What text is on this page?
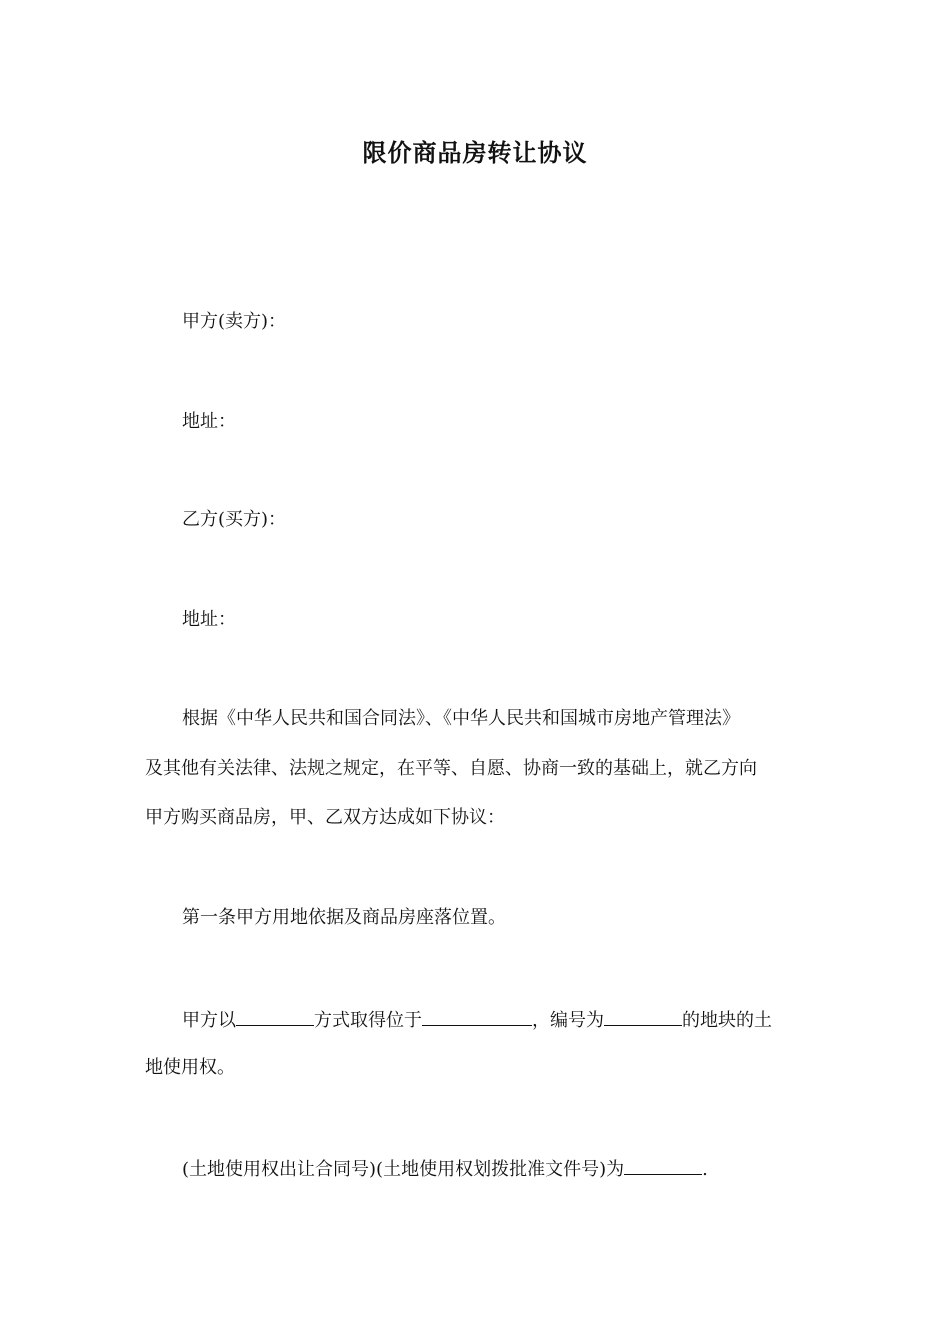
限价商品房转让协议
甲方(卖方)：
地址：
乙方(买方)：
地址：
根据《中华人民共和国合同法》、《中华人民共和国城市房地产管理法》
及其他有关法律、法规之规定，在平等、自愿、协商一致的基础上，就乙方向
甲方购买商品房，甲、乙双方达成如下协议：
第一条甲方用地依据及商品房座落位置。
甲方以	方式取得位于	，编号为	的地块的土
地使用权。
(土地使用权出让合同号)(土地使用权划拨批准文件号)为	.
